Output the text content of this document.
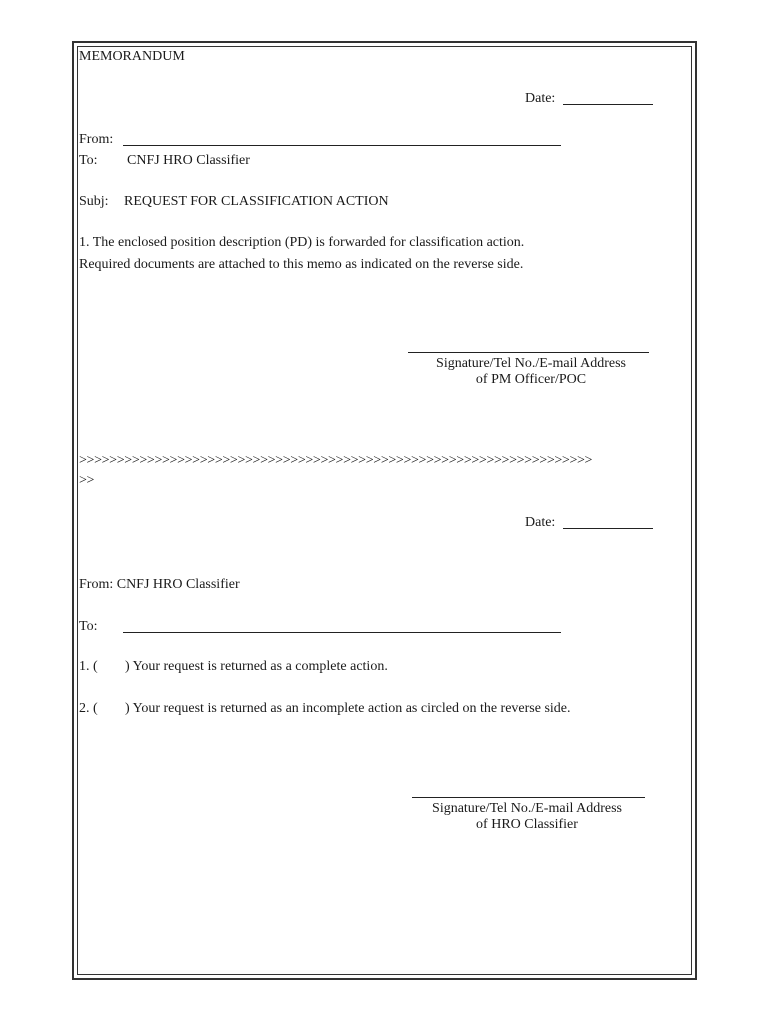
MEMORANDUM
Date:
From:
To: CNFJ HRO Classifier
Subj: REQUEST FOR CLASSIFICATION ACTION
1. The enclosed position description (PD) is forwarded for classification action.
Required documents are attached to this memo as indicated on the reverse side.
Signature/Tel No./E-mail Address
of PM Officer/POC
>>>>>>>>>>>>>>>>>>>>>>>>>>>>>>>>>>>>>>>>>>>>>>>>>>>>>>>>>>>>>>>>>>>>
>>
Date:
From: CNFJ HRO Classifier
To:
1. ( ) Your request is returned as a complete action.
2. ( ) Your request is returned as an incomplete action as circled on the reverse side.
Signature/Tel No./E-mail Address
of HRO Classifier
